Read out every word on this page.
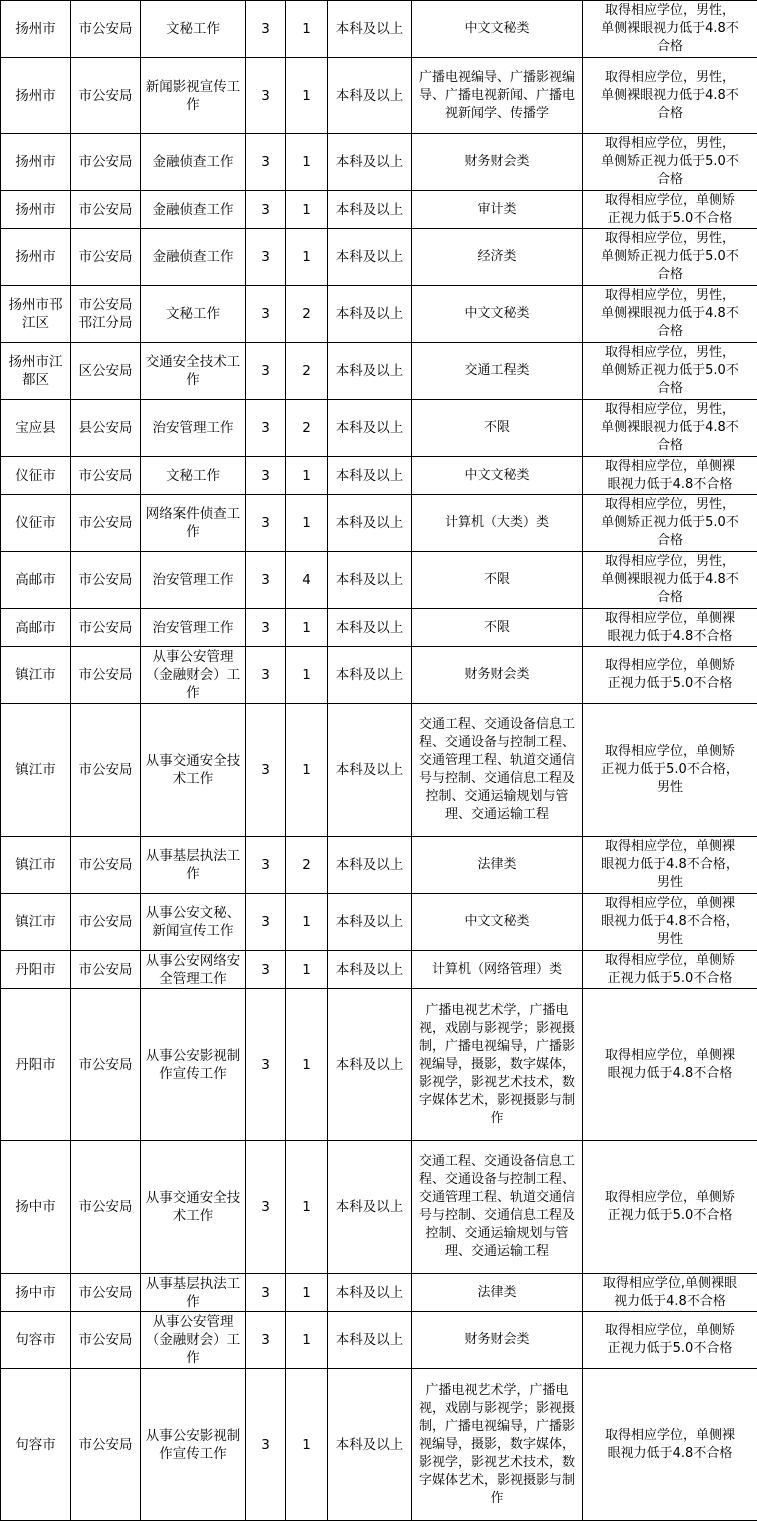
扬州市	市公安局	文秘工作	3	1	本科及以上	中文文秘类	取得相应学位，男性，
单侧裸眼视力低于4.8不
合格
扬州市	市公安局	新闻影视宣传工作	3	1	本科及以上	广播电视编导、广播影视编导、广播电视新闻、广播电视新闻学、传播学	取得相应学位，男性，
单侧裸眼视力低于4.8不
合格
扬州市	市公安局	金融侦查工作	3	1	本科及以上	财务财会类	取得相应学位，男性，
单侧矫正视力低于5.0不
合格
扬州市	市公安局	金融侦查工作	3	1	本科及以上	审计类	取得相应学位，单侧矫
正视力低于5.0不合格
扬州市	市公安局	金融侦查工作	3	1	本科及以上	经济类	取得相应学位，男性，
单侧矫正视力低于5.0不
合格
扬州市邗江区	市公安局邗江分局	文秘工作	3	2	本科及以上	中文文秘类	取得相应学位，男性，
单侧裸眼视力低于4.8不
合格
扬州市江都区	区公安局	交通安全技术工作	3	2	本科及以上	交通工程类	取得相应学位，男性，
单侧矫正视力低于5.0不
合格
宝应县	县公安局	治安管理工作	3	2	本科及以上	不限	取得相应学位，男性，
单侧裸眼视力低于4.8不
合格
仪征市	市公安局	文秘工作	3	1	本科及以上	中文文秘类	取得相应学位，单侧裸
眼视力低于4.8不合格
仪征市	市公安局	网络案件侦查工作	3	1	本科及以上	计算机（大类）类	取得相应学位，男性，
单侧矫正视力低于5.0不
合格
高邮市	市公安局	治安管理工作	3	4	本科及以上	不限	取得相应学位，男性，
单侧裸眼视力低于4.8不
合格
高邮市	市公安局	治安管理工作	3	1	本科及以上	不限	取得相应学位，单侧裸
眼视力低于4.8不合格
镇江市	市公安局	从事公安管理（金融财会）工作	3	1	本科及以上	财务财会类	取得相应学位，单侧矫
正视力低于5.0不合格
镇江市	市公安局	从事交通安全技术工作	3	1	本科及以上	交通工程、交通设备信息工程、交通设备与控制工程、交通管理工程、轨道交通信号与控制、交通信息工程及控制、交通运输规划与管理、交通运输工程	取得相应学位，单侧矫
正视力低于5.0不合格，
男性
镇江市	市公安局	从事基层执法工作	3	2	本科及以上	法律类	取得相应学位，单侧裸
眼视力低于4.8不合格，
男性
镇江市	市公安局	从事公安文秘、新闻宣传工作	3	1	本科及以上	中文文秘类	取得相应学位，单侧裸
眼视力低于4.8不合格，
男性
丹阳市	市公安局	从事公安网络安全管理工作	3	1	本科及以上	计算机（网络管理）类	取得相应学位，单侧矫
正视力低于5.0不合格
丹阳市	市公安局	从事公安影视制作宣传工作	3	1	本科及以上	广播电视艺术学，广播电视，戏剧与影视学；影视摄制，广播电视编导，广播影视编导，摄影，数字媒体，影视学，影视艺术技术，数字媒体艺术，影视摄影与制作	取得相应学位，单侧裸
眼视力低于4.8不合格
扬中市	市公安局	从事交通安全技术工作	3	1	本科及以上	交通工程、交通设备信息工程、交通设备与控制工程、交通管理工程、轨道交通信号与控制、交通信息工程及控制、交通运输规划与管理、交通运输工程	取得相应学位，单侧矫
正视力低于5.0不合格
扬中市	市公安局	从事基层执法工作	3	1	本科及以上	法律类	取得相应学位,单侧裸眼
视力低于4.8不合格
句容市	市公安局	从事公安管理（金融财会）工作	3	1	本科及以上	财务财会类	取得相应学位，单侧矫
正视力低于5.0不合格
句容市	市公安局	从事公安影视制作宣传工作	3	1	本科及以上	广播电视艺术学，广播电视，戏剧与影视学；影视摄制，广播电视编导，广播影视编导，摄影，数字媒体，影视学，影视艺术技术，数字媒体艺术，影视摄影与制作	取得相应学位，单侧裸
眼视力低于4.8不合格
